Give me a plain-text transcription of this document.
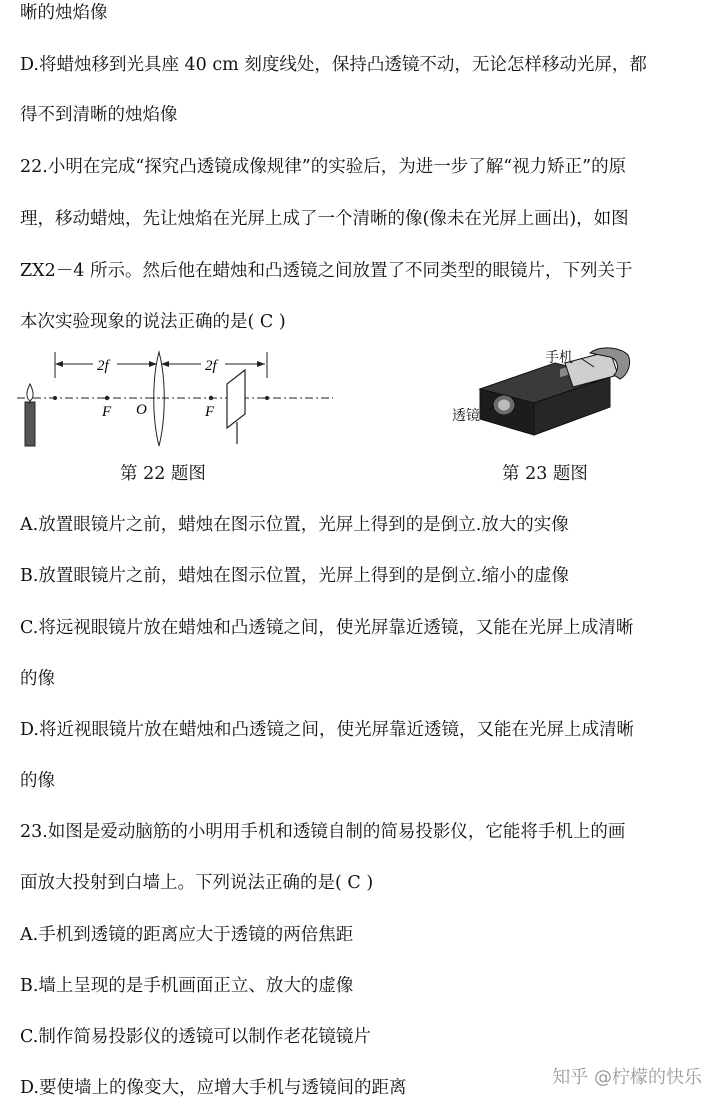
晰的烛焰像
D.将蜡烛移到光具座 40 cm 刻度线处，保持凸透镜不动，无论怎样移动光屏，都
得不到清晰的烛焰像
22.小明在完成“探究凸透镜成像规律”的实验后，为进一步了解“视力矫正”的原
理，移动蜡烛，先让烛焰在光屏上成了一个清晰的像(像未在光屏上画出)，如图
ZX2－4 所示。然后他在蜡烛和凸透镜之间放置了不同类型的眼镜片，下列关于
本次实验现象的说法正确的是( C )
2f	2f
F O	F
手机
透镜
第 22 题图	第 23 题图
A.放置眼镜片之前，蜡烛在图示位置，光屏上得到的是倒立.放大的实像
B.放置眼镜片之前，蜡烛在图示位置，光屏上得到的是倒立.缩小的虚像
C.将远视眼镜片放在蜡烛和凸透镜之间，使光屏靠近透镜，又能在光屏上成清晰
的像
D.将近视眼镜片放在蜡烛和凸透镜之间，使光屏靠近透镜，又能在光屏上成清晰
的像
23.如图是爱动脑筋的小明用手机和透镜自制的简易投影仪，它能将手机上的画
面放大投射到白墙上。下列说法正确的是( C )
A.手机到透镜的距离应大于透镜的两倍焦距
B.墙上呈现的是手机画面正立、放大的虚像
C.制作简易投影仪的透镜可以制作老花镜镜片
D.要使墙上的像变大，应增大手机与透镜间的距离	知乎 @柠檬的快乐
